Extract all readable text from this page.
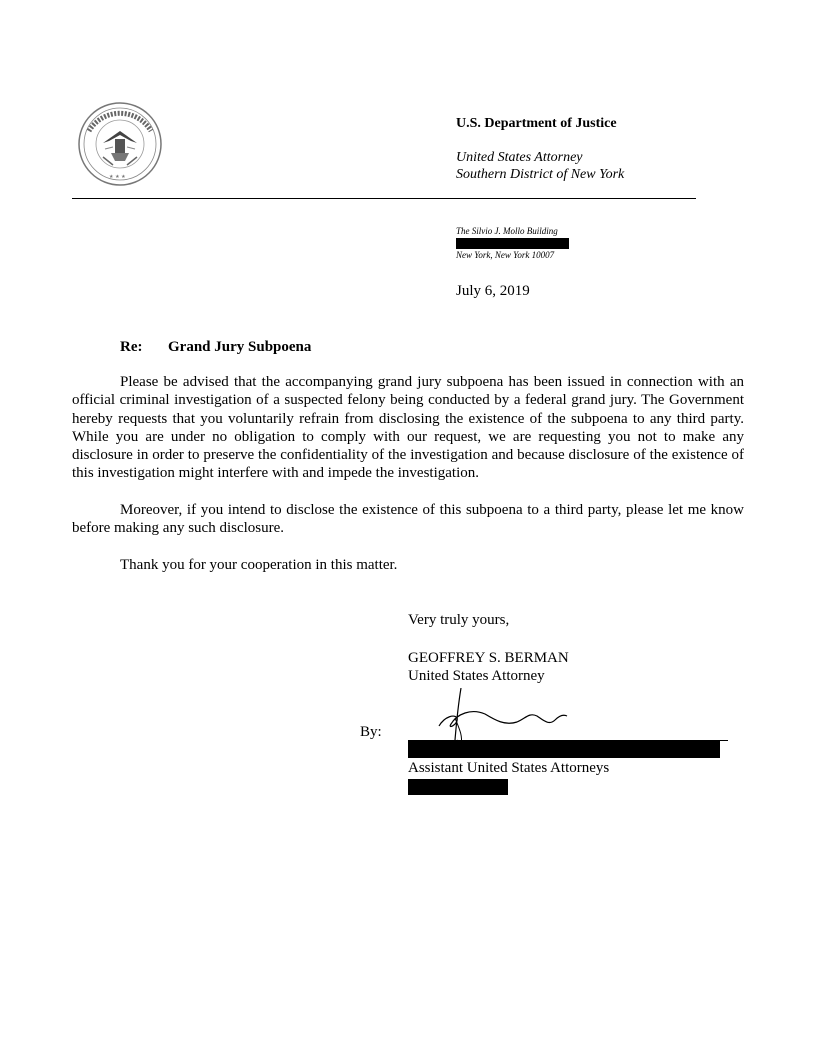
★ ★ ★
U.S. Department of Justice
United States Attorney
Southern District of New York
The Silvio J. Mollo Building
New York, New York 10007
July 6, 2019
Re: Grand Jury Subpoena

Please be advised that the accompanying grand jury subpoena has been issued in connection with an official criminal investigation of a suspected felony being conducted by a federal grand jury. The Government hereby requests that you voluntarily refrain from disclosing the existence of the subpoena to any third party. While you are under no obligation to comply with our request, we are requesting you not to make any disclosure in order to preserve the confidentiality of the investigation and because disclosure of the existence of this investigation might interfere with and impede the investigation.

Moreover, if you intend to disclose the existence of this subpoena to a third party, please let me know before making any such disclosure.

Thank you for your cooperation in this matter.

Very truly yours,
GEOFFREY S. BERMAN
United States Attorney
By:
Assistant United States Attorneys
